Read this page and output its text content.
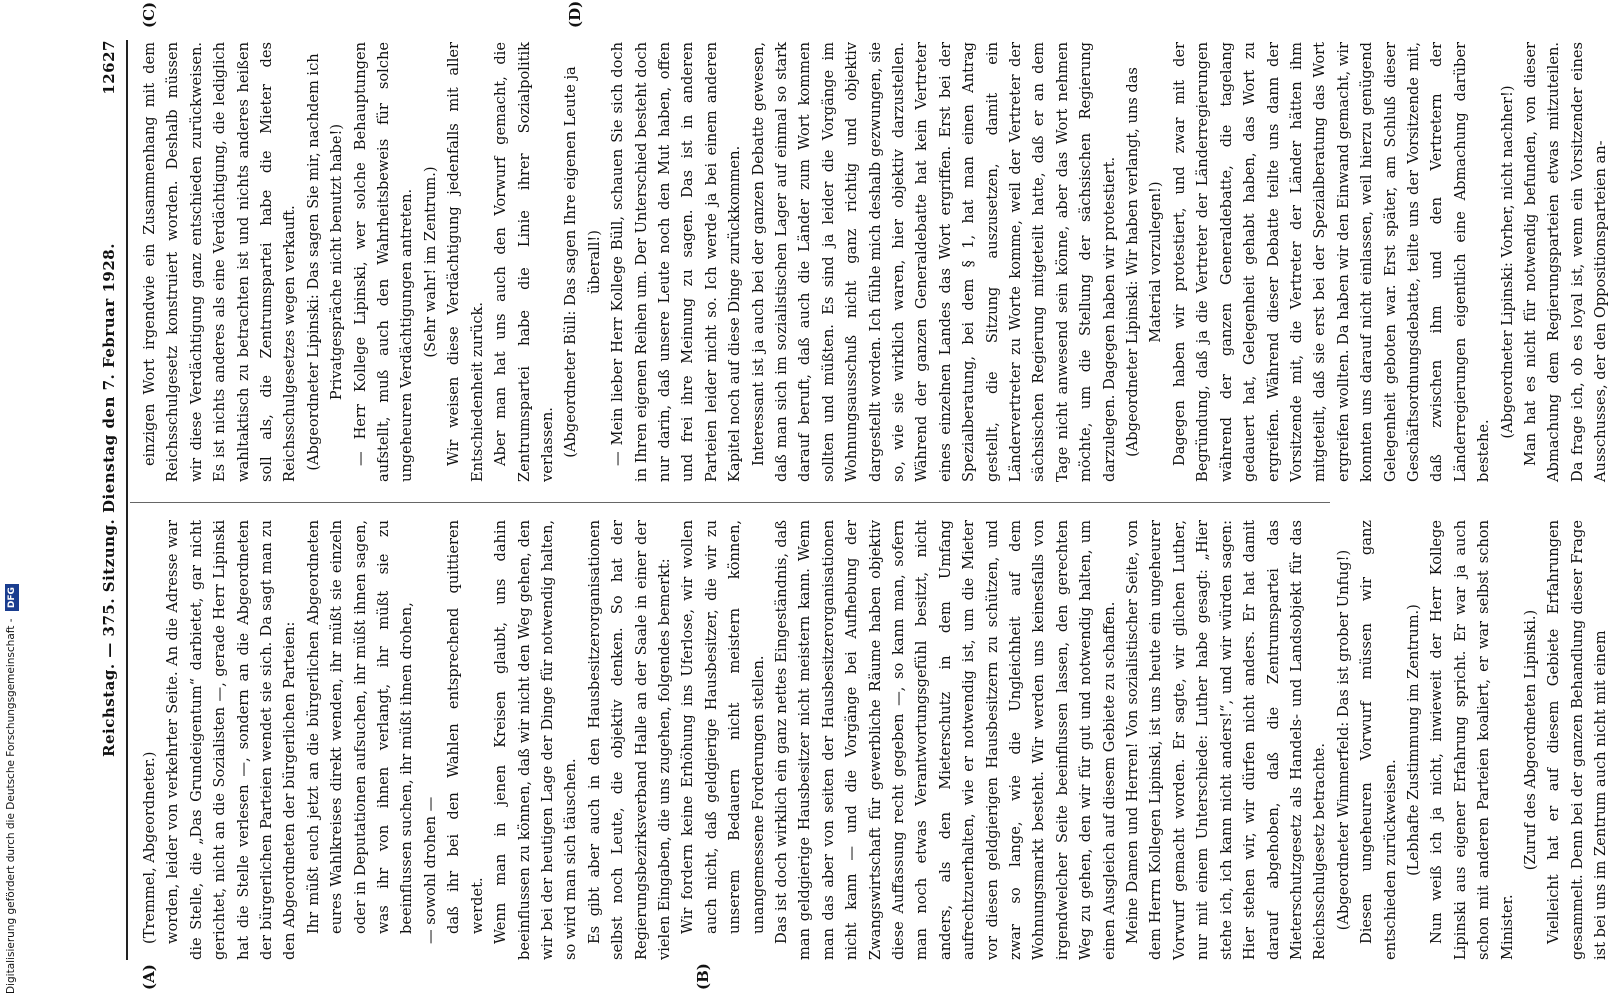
Reichstag. — 375. Sitzung. Dienstag den 7. Februar 1928.
12627
(A)	(B)
(C)	(D)

(Tremmel, Abgeordneter.) worden, leider von verkehrter Seite. An die Adresse war die Stelle, die „Das Grundeigentum“ darbietet, gar nicht gerichtet, nicht an die Sozialisten —, gerade Herr Lipinski hat die Stelle verlesen —, sondern an die Abgeordneten der bürgerlichen Parteien wendet sie sich. Da sagt man zu den Abgeordneten der bürgerlichen Parteien: Ihr müßt euch jetzt an die bürgerlichen Abgeordneten eures Wahlkreises direkt wenden, ihr müßt sie einzeln oder in Deputationen aufsuchen, ihr müßt ihnen sagen, was ihr von ihnen verlangt, ihr müßt sie zu beeinflussen suchen, ihr müßt ihnen drohen, — sowohl drohen — daß ihr bei den Wahlen entsprechend quittieren werdet. Wenn man in jenen Kreisen glaubt, uns dahin beeinflussen zu können, daß wir nicht den Weg gehen, den wir bei der heutigen Lage der Dinge für notwendig halten, so wird man sich täuschen. Es gibt aber auch in den Hausbesitzerorganisationen selbst noch Leute, die objektiv denken. So hat der Regierungsbezirksverband Halle an der Saale in einer der vielen Eingaben, die uns zugehen, folgendes bemerkt: Wir fordern keine Erhöhung ins Uferlose, wir wollen auch nicht, daß geldgierige Hausbesitzer, die wir zu unserem Bedauern nicht meistern können, unangemessene Forderungen stellen. Das ist doch wirklich ein ganz nettes Eingeständnis, daß man geldgierige Hausbesitzer nicht meistern kann. Wenn man das aber von seiten der Hausbesitzerorganisationen nicht kann — und die Vorgänge bei Aufhebung der Zwangswirtschaft für gewerbliche Räume haben objektiv diese Auffassung recht gegeben —, so kann man, sofern man noch etwas Verantwortungsgefühl besitzt, nicht anders, als den Mieterschutz in dem Umfang aufrechtzuerhalten, wie er notwendig ist, um die Mieter vor diesen geldgierigen Hausbesitzern zu schützen, und zwar so lange, wie die Ungleichheit auf dem Wohnungsmarkt besteht. Wir werden uns keinesfalls von irgendwelcher Seite beeinflussen lassen, den gerechten Weg zu gehen, den wir für gut und notwendig halten, um einen Ausgleich auf diesem Gebiete zu schaffen. Meine Damen und Herren! Von sozialistischer Seite, von dem Herrn Kollegen Lipinski, ist uns heute ein ungeheurer Vorwurf gemacht worden. Er sagte, wir glichen Luther, nur mit einem Unterschiede: Luther habe gesagt: „Hier stehe ich, ich kann nicht anders!“, und wir würden sagen: Hier stehen wir, wir dürfen nicht anders. Er hat damit darauf abgehoben, daß die Zentrumspartei das Mieterschutzgesetz als Handels- und Landsobjekt für das Reichsschulgesetz betrachte. (Abgeordneter Wimmerfeld: Das ist grober Unfug!) Diesen ungeheuren Vorwurf müssen wir ganz entschieden zurückweisen. (Lebhafte Zustimmung im Zentrum.) Nun weiß ich ja nicht, inwieweit der Herr Kollege Lipinski aus eigener Erfahrung spricht. Er war ja auch schon mit anderen Parteien koaliert, er war selbst schon Minister.

(Zuruf des Abgeordneten Lipinski.) Vielleicht hat er auf diesem Gebiete Erfahrungen gesammelt. Denn bei der ganzen Behandlung dieser Frage ist bei uns im Zentrum auch nicht mit einem

einzigen Wort irgendwie ein Zusammenhang mit dem Reichsschulgesetz konstruiert worden. Deshalb müssen wir diese Verdächtigung ganz entschieden zurückweisen. Es ist nichts anderes als eine Verdächtigung, die lediglich wahltaktisch zu betrachten ist und nichts anderes heißen soll als, die Zentrumspartei habe die Mieter des Reichsschulgesetzes wegen verkauft. (Abgeordneter Lipinski: Das sagen Sie mir, nachdem ich Privatgespräche nicht benutzt habe!) — Herr Kollege Lipinski, wer solche Behauptungen aufstellt, muß auch den Wahrheitsbeweis für solche ungeheuren Verdächtigungen antreten. (Sehr wahr! im Zentrum.) Wir weisen diese Verdächtigung jedenfalls mit aller Entschiedenheit zurück. Aber man hat uns auch den Vorwurf gemacht, die Zentrumspartei habe die Linie ihrer Sozialpolitik verlassen. (Abgeordneter Büll: Das sagen Ihre eigenen Leute ja überall!) — Mein lieber Herr Kollege Büll, schauen Sie sich doch in Ihren eigenen Reihen um. Der Unterschied besteht doch nur darin, daß unsere Leute noch den Mut haben, offen und frei ihre Meinung zu sagen. Das ist in anderen Parteien leider nicht so. Ich werde ja bei einem anderen Kapitel noch auf diese Dinge zurückkommen. Interessant ist ja auch bei der ganzen Debatte gewesen, daß man sich im sozialistischen Lager auf einmal so stark darauf beruft, daß auch die Länder zum Wort kommen sollten und müßten. Es sind ja leider die Vorgänge im Wohnungsausschuß nicht ganz richtig und objektiv dargestellt worden. Ich fühle mich deshalb gezwungen, sie so, wie sie wirklich waren, hier objektiv darzustellen. Während der ganzen Generaldebatte hat kein Vertreter eines einzelnen Landes das Wort ergriffen. Erst bei der Spezialberatung, bei dem § 1, hat man einen Antrag gestellt, die Sitzung auszusetzen, damit ein Ländervertreter zu Worte komme, weil der Vertreter der sächsischen Regierung mitgeteilt hatte, daß er an dem Tage nicht anwesend sein könne, aber das Wort nehmen möchte, um die Stellung der sächsischen Regierung darzulegen. Dagegen haben wir protestiert. (Abgeordneter Lipinski: Wir haben verlangt, uns das Material vorzulegen!) Dagegen haben wir protestiert, und zwar mit der Begründung, daß ja die Vertreter der Länderregierungen während der ganzen Generaldebatte, die tagelang gedauert hat, Gelegenheit gehabt haben, das Wort zu ergreifen. Während dieser Debatte teilte uns dann der Vorsitzende mit, die Vertreter der Länder hätten ihm mitgeteilt, daß sie erst bei der Spezialberatung das Wort ergreifen wollten. Da haben wir den Einwand gemacht, wir konnten uns darauf nicht einlassen, weil hierzu genügend Gelegenheit geboten war. Erst später, am Schluß dieser Geschäftsordnungsdebatte, teilte uns der Vorsitzende mit, daß zwischen ihm und den Vertretern der Länderregierungen eigentlich eine Abmachung darüber bestehe.

(Abgeordneter Lipinski: Vorher, nicht nachher!) Man hat es nicht für notwendig befunden, von dieser Abmachung dem Regierungsparteien etwas mitzuteilen. Da frage ich, ob es loyal ist, wenn ein Vorsitzender eines Ausschusses, der den Oppositionsparteien an-

Digitalisierung gefördert durch die Deutsche Forschungsgemeinschaft - DFG
